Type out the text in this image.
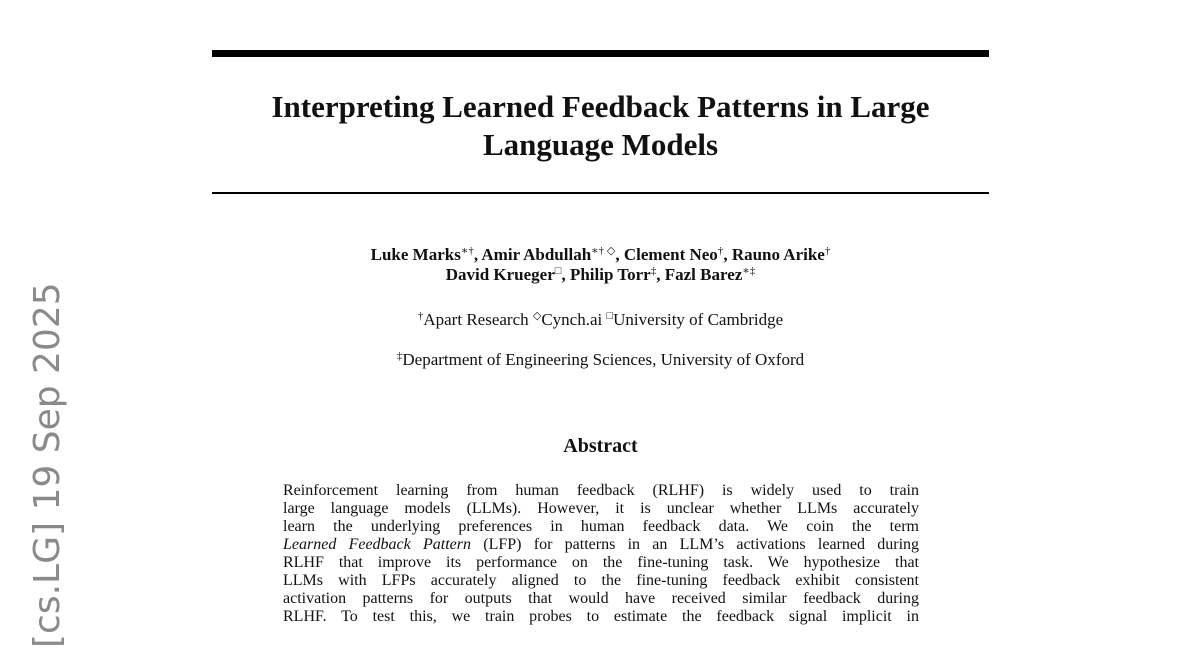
[cs.LG] 19 Sep 2025
Interpreting Learned Feedback Patterns in Large
Language Models
Luke Marks∗†, Amir Abdullah∗† ◇, Clement Neo†, Rauno Arike†
David Krueger□, Philip Torr‡, Fazl Barez∗‡
†Apart Research ◇Cynch.ai □University of Cambridge
‡Department of Engineering Sciences, University of Oxford
Abstract
Reinforcement learning from human feedback (RLHF) is widely used to train
large language models (LLMs). However, it is unclear whether LLMs accurately
learn the underlying preferences in human feedback data. We coin the term
Learned Feedback Pattern (LFP) for patterns in an LLM’s activations learned during
RLHF that improve its performance on the fine-tuning task. We hypothesize that
LLMs with LFPs accurately aligned to the fine-tuning feedback exhibit consistent
activation patterns for outputs that would have received similar feedback during
RLHF. To test this, we train probes to estimate the feedback signal implicit in
